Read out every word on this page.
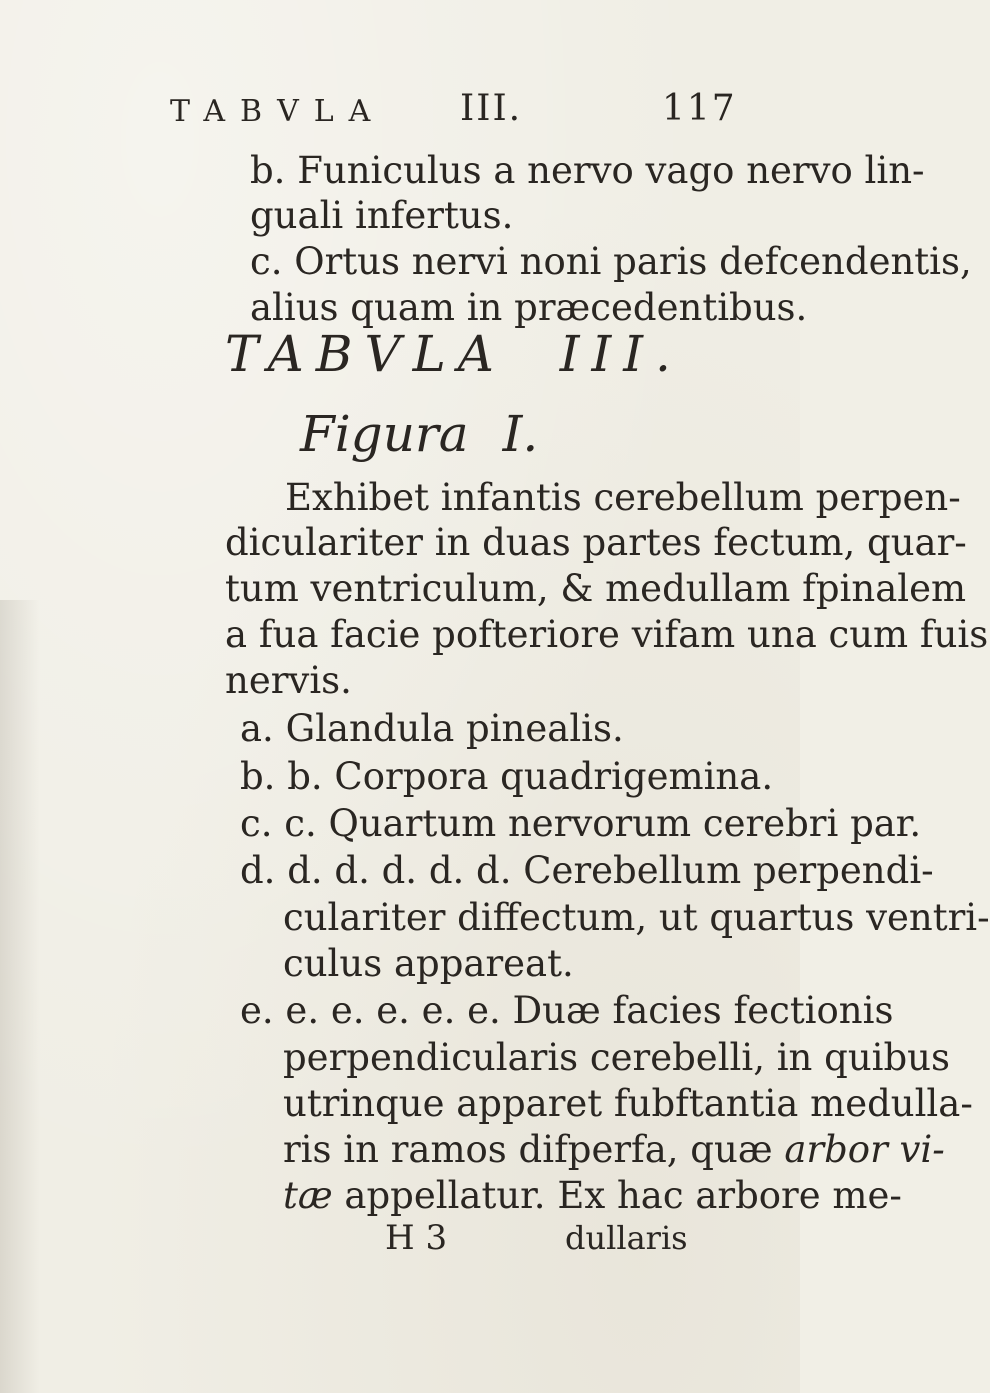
TABVLA III.	117
b. Funiculus a nervo vago nervo lin-
guali infertus.
c. Ortus nervi noni paris defcendentis,
alius quam in præcedentibus.
TABVLA III.
Figura I.
Exhibet infantis cerebellum perpen-
diculariter in duas partes fectum, quar-
tum ventriculum, & medullam fpinalem
a fua facie pofteriore vifam una cum fuis
nervis.
a. Glandula pinealis.
b. b. Corpora quadrigemina.
c. c. Quartum nervorum cerebri par.
d. d. d. d. d. d. Cerebellum perpendi-
culariter diffectum, ut quartus ventri-
culus appareat.
e. e. e. e. e. e. Duæ facies fectionis
perpendicularis cerebelli, in quibus
utrinque apparet fubftantia medulla-
ris in ramos difperfa, quæ arbor vi-
tæ appellatur. Ex hac arbore me-
H 3	dullaris
